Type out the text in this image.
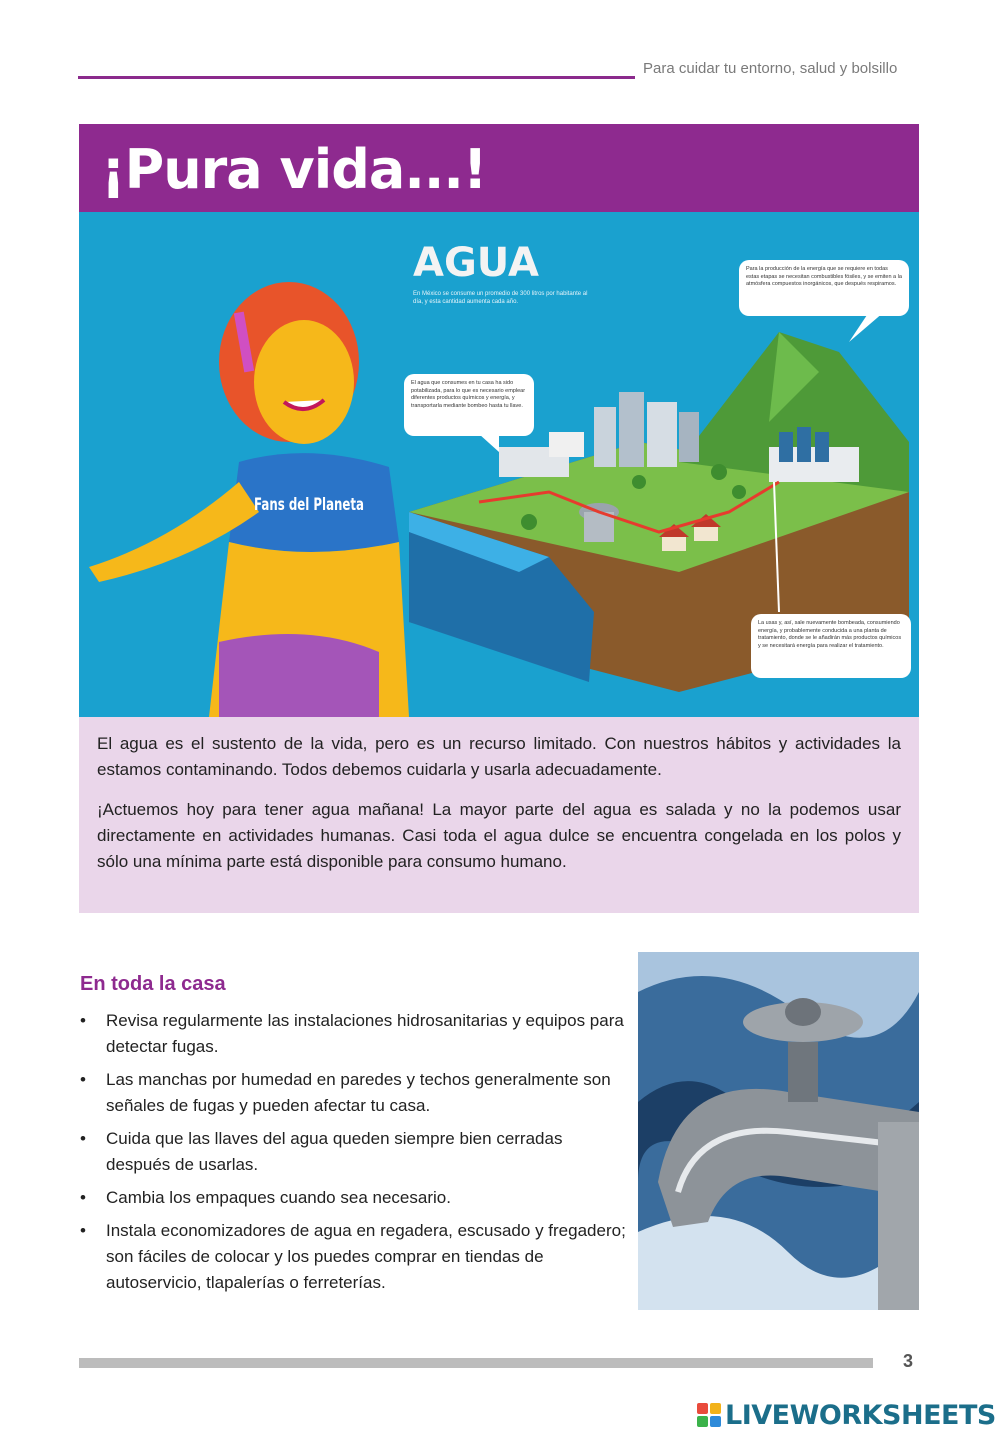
Para cuidar tu entorno, salud y bolsillo
¡Pura vida...!
Fans del Planeta
AGUA
En México se consume un promedio de 300 litros por habitante al día, y esta cantidad aumenta cada año.
Para la producción de la energía que se requiere en todas estas etapas se necesitan combustibles fósiles, y se emiten a la atmósfera compuestos inorgánicos, que después respiramos.
El agua que consumes en tu casa ha sido potabilizada, para lo que es necesario emplear diferentes productos químicos y energía, y transportarla mediante bombeo hasta tu llave.
La usas y, así, sale nuevamente bombeada, consumiendo energía, y probablemente conducida a una planta de tratamiento, donde se le añadirán más productos químicos y se necesitará energía para realizar el tratamiento.

El agua es el sustento de la vida, pero es un recurso limitado. Con nuestros hábitos y actividades la estamos contaminando. Todos debemos cuidarla y usarla adecuadamente.

¡Actuemos hoy para tener agua mañana! La mayor parte del agua es salada y no la podemos usar directamente en actividades humanas. Casi toda el agua dulce se encuentra congelada en los polos y sólo una mínima parte está disponible para consumo humano.

En toda la casa
• Revisa regularmente las instalaciones hidrosanitarias y equipos para detectar fugas.
• Las manchas por humedad en paredes y techos generalmente son señales de fugas y pueden afectar tu casa.
• Cuida que las llaves del agua queden siempre bien cerradas después de usarlas.
• Cambia los empaques cuando sea necesario.
• Instala economizadores de agua en regadera, escusado y fregadero; son fáciles de colocar y los puedes comprar en tiendas de autoservicio, tlapalerías o ferreterías.
3
LIVEWORKSHEETS
